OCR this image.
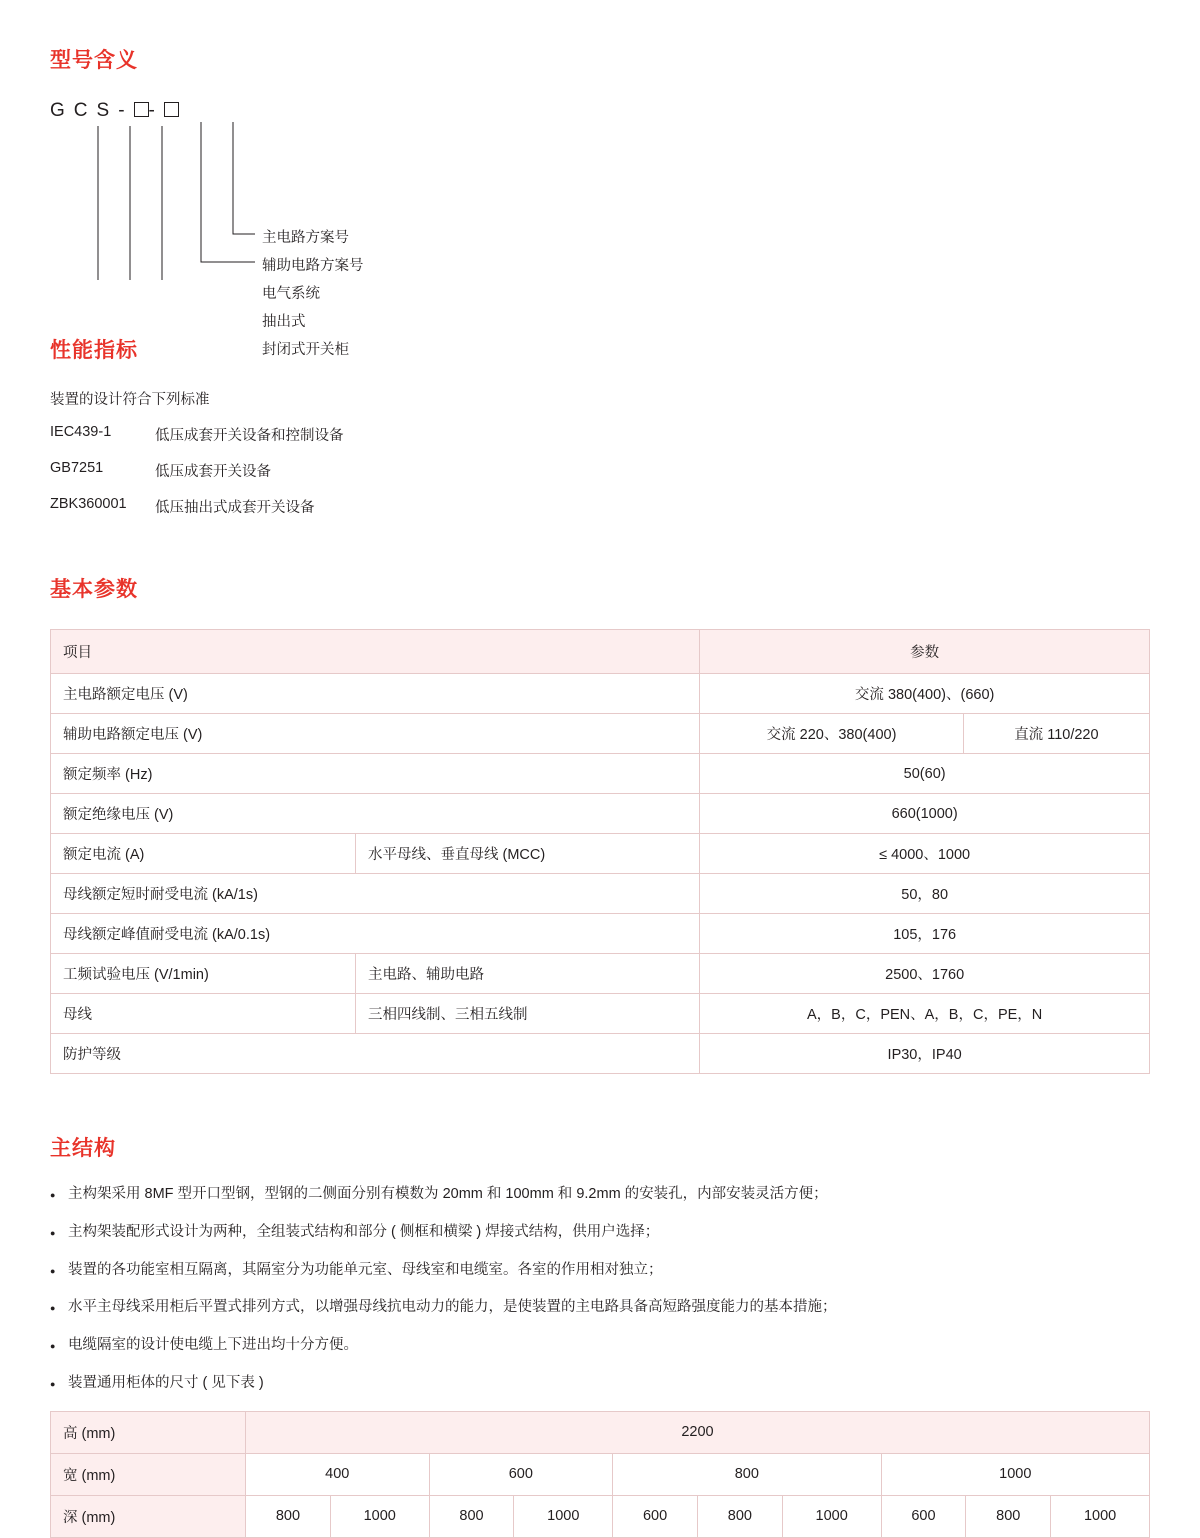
型号含义
GCS- -
主电路方案号
辅助电路方案号
电气系统
抽出式
封闭式开关柜
性能指标
装置的设计符合下列标准
IEC439-1	低压成套开关设备和控制设备
GB7251	低压成套开关设备
ZBK360001	低压抽出式成套开关设备
基本参数
项目		参数	
主电路额定电压 (V)		交流 380(400)、(660)	
辅助电路额定电压 (V)		交流 220、380(400)	直流 110/220
额定频率 (Hz)		50(60)	
额定绝缘电压 (V)		660(1000)	
额定电流 (A)	水平母线、垂直母线 (MCC)	≤ 4000、1000	
母线额定短时耐受电流 (kA/1s)		50，80	
母线额定峰值耐受电流 (kA/0.1s)		105，176	
工频试验电压 (V/1min)	主电路、辅助电路	2500、1760	
母线	三相四线制、三相五线制	A，B，C，PEN、A，B，C，PE，N	
防护等级		IP30，IP40	
主结构
● 主构架采用 8MF 型开口型钢，型钢的二侧面分别有模数为 20mm 和 100mm 和 9.2mm 的安装孔，内部安装灵活方便；
● 主构架装配形式设计为两种，全组装式结构和部分 ( 侧框和横梁 ) 焊接式结构，供用户选择；
● 装置的各功能室相互隔离，其隔室分为功能单元室、母线室和电缆室。各室的作用相对独立；
● 水平主母线采用柜后平置式排列方式，以增强母线抗电动力的能力，是使装置的主电路具备高短路强度能力的基本措施；
● 电缆隔室的设计使电缆上下进出均十分方便。
● 装置通用柜体的尺寸 ( 见下表 )
高 (mm)	2200									
宽 (mm)	400		600		800			1000		
深 (mm)	800	1000	800	1000	600	800	1000	600	800	1000
